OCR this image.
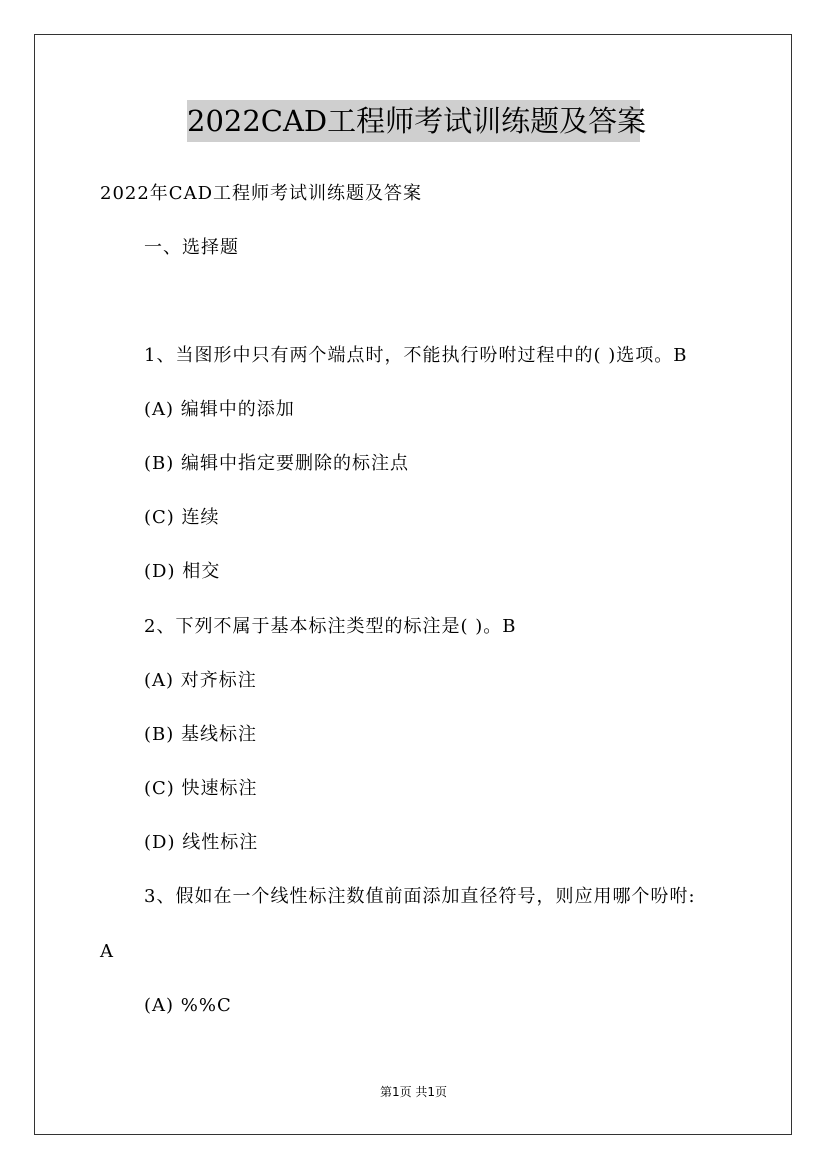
2022CAD工程师考试训练题及答案
2022年CAD工程师考试训练题及答案
一、选择题
1、当图形中只有两个端点时，不能执行吩咐过程中的( )选项。B
(A) 编辑中的添加
(B) 编辑中指定要删除的标注点
(C) 连续
(D) 相交
2、下列不属于基本标注类型的标注是( )。B
(A) 对齐标注
(B) 基线标注
(C) 快速标注
(D) 线性标注
3、假如在一个线性标注数值前面添加直径符号，则应用哪个吩咐:
A
(A) %%C
第1页 共1页
